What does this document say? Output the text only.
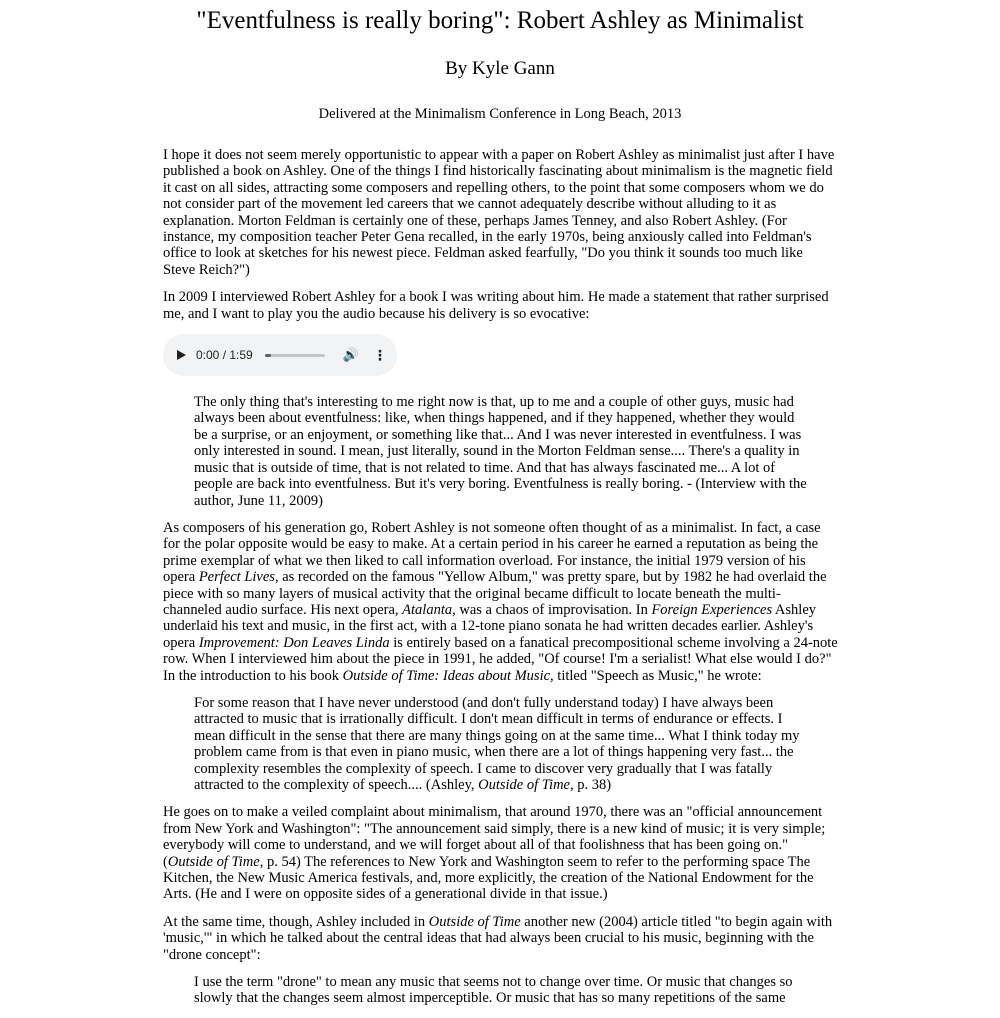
"Eventfulness is really boring": Robert Ashley as Minimalist
By Kyle Gann
Delivered at the Minimalism Conference in Long Beach, 2013

I hope it does not seem merely opportunistic to appear with a paper on Robert Ashley as minimalist just after I have published a book on Ashley. One of the things I find historically fascinating about minimalism is the magnetic field it cast on all sides, attracting some composers and repelling others, to the point that some composers whom we do not consider part of the movement led careers that we cannot adequately describe without alluding to it as explanation. Morton Feldman is certainly one of these, perhaps James Tenney, and also Robert Ashley. (For instance, my composition teacher Peter Gena recalled, in the early 1970s, being anxiously called into Feldman's office to look at sketches for his newest piece. Feldman asked fearfully, "Do you think it sounds too much like Steve Reich?")

In 2009 I interviewed Robert Ashley for a book I was writing about him. He made a statement that rather surprised me, and I want to play you the audio because his delivery is so evocative:

0:00 / 1:59	🔊 ⋮
The only thing that's interesting to me right now is that, up to me and a couple of other guys, music had always been about eventfulness: like, when things happened, and if they happened, whether they would be a surprise, or an enjoyment, or something like that... And I was never interested in eventfulness. I was only interested in sound. I mean, just literally, sound in the Morton Feldman sense.... There's a quality in music that is outside of time, that is not related to time. And that has always fascinated me... A lot of people are back into eventfulness. But it's very boring. Eventfulness is really boring. - (Interview with the author, June 11, 2009)

As composers of his generation go, Robert Ashley is not someone often thought of as a minimalist. In fact, a case for the polar opposite would be easy to make. At a certain period in his career he earned a reputation as being the prime exemplar of what we then liked to call information overload. For instance, the initial 1979 version of his opera Perfect Lives, as recorded on the famous "Yellow Album," was pretty spare, but by 1982 he had overlaid the piece with so many layers of musical activity that the original became difficult to locate beneath the multi-channeled audio surface. His next opera, Atalanta, was a chaos of improvisation. In Foreign Experiences Ashley underlaid his text and music, in the first act, with a 12-tone piano sonata he had written decades earlier. Ashley's opera Improvement: Don Leaves Linda is entirely based on a fanatical precompositional scheme involving a 24-note row. When I interviewed him about the piece in 1991, he added, "Of course! I'm a serialist! What else would I do?" In the introduction to his book Outside of Time: Ideas about Music, titled "Speech as Music," he wrote:

For some reason that I have never understood (and don't fully understand today) I have always been attracted to music that is irrationally difficult. I don't mean difficult in terms of endurance or effects. I mean difficult in the sense that there are many things going on at the same time... What I think today my problem came from is that even in piano music, when there are a lot of things happening very fast... the complexity resembles the complexity of speech. I came to discover very gradually that I was fatally attracted to the complexity of speech.... (Ashley, Outside of Time, p. 38)

He goes on to make a veiled complaint about minimalism, that around 1970, there was an "official announcement from New York and Washington": "The announcement said simply, there is a new kind of music; it is very simple; everybody will come to understand, and we will forget about all of that foolishness that has been going on." (Outside of Time, p. 54) The references to New York and Washington seem to refer to the performing space The Kitchen, the New Music America festivals, and, more explicitly, the creation of the National Endowment for the Arts. (He and I were on opposite sides of a generational divide in that issue.)

At the same time, though, Ashley included in Outside of Time another new (2004) article titled "to begin again with 'music,'" in which he talked about the central ideas that had always been crucial to his music, beginning with the "drone concept":

I use the term "drone" to mean any music that seems not to change over time. Or music that changes so slowly that the changes seem almost imperceptible. Or music that has so many repetitions of the same
